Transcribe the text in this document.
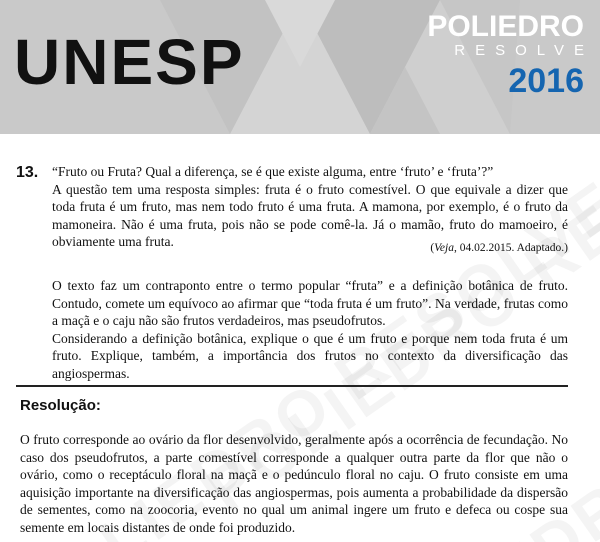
UNESP	POLIEDRO
RESOLVE
2016
13. “Fruto ou Fruta? Qual a diferença, se é que existe alguma, entre ‘fruto’ e ‘fruta’?”

A questão tem uma resposta simples: fruta é o fruto comestível. O que equivale a dizer que toda fruta é um fruto, mas nem todo fruto é uma fruta. A mamona, por exemplo, é o fruto da mamoneira. Não é uma fruta, pois não se pode comê-la. Já o mamão, fruto do mamoeiro, é obviamente uma fruta.	(Veja, 04.02.2015. Adaptado.)

O texto faz um contraponto entre o termo popular “fruta” e a definição botânica de fruto. Contudo, comete um equívoco ao afirmar que “toda fruta é um fruto”. Na verdade, frutas como a maçã e o caju não são frutos verdadeiros, mas pseudofrutos.

Considerando a definição botânica, explique o que é um fruto e porque nem toda fruta é um fruto. Explique, também, a importância dos frutos no contexto da diversificação das angiospermas.

Resolução:

O fruto corresponde ao ovário da flor desenvolvido, geralmente após a ocorrência de fecundação. No caso dos pseudofrutos, a parte comestível corresponde a qualquer outra parte da flor que não o ovário, como o receptáculo floral na maçã e o pedúnculo floral no caju. O fruto consiste em uma aquisição importante na diversificação das angiospermas, pois aumenta a probabilidade da dispersão de sementes, como na zoocoria, evento no qual um animal ingere um fruto e defeca ou cospe sua semente em locais distantes de onde foi produzido.
